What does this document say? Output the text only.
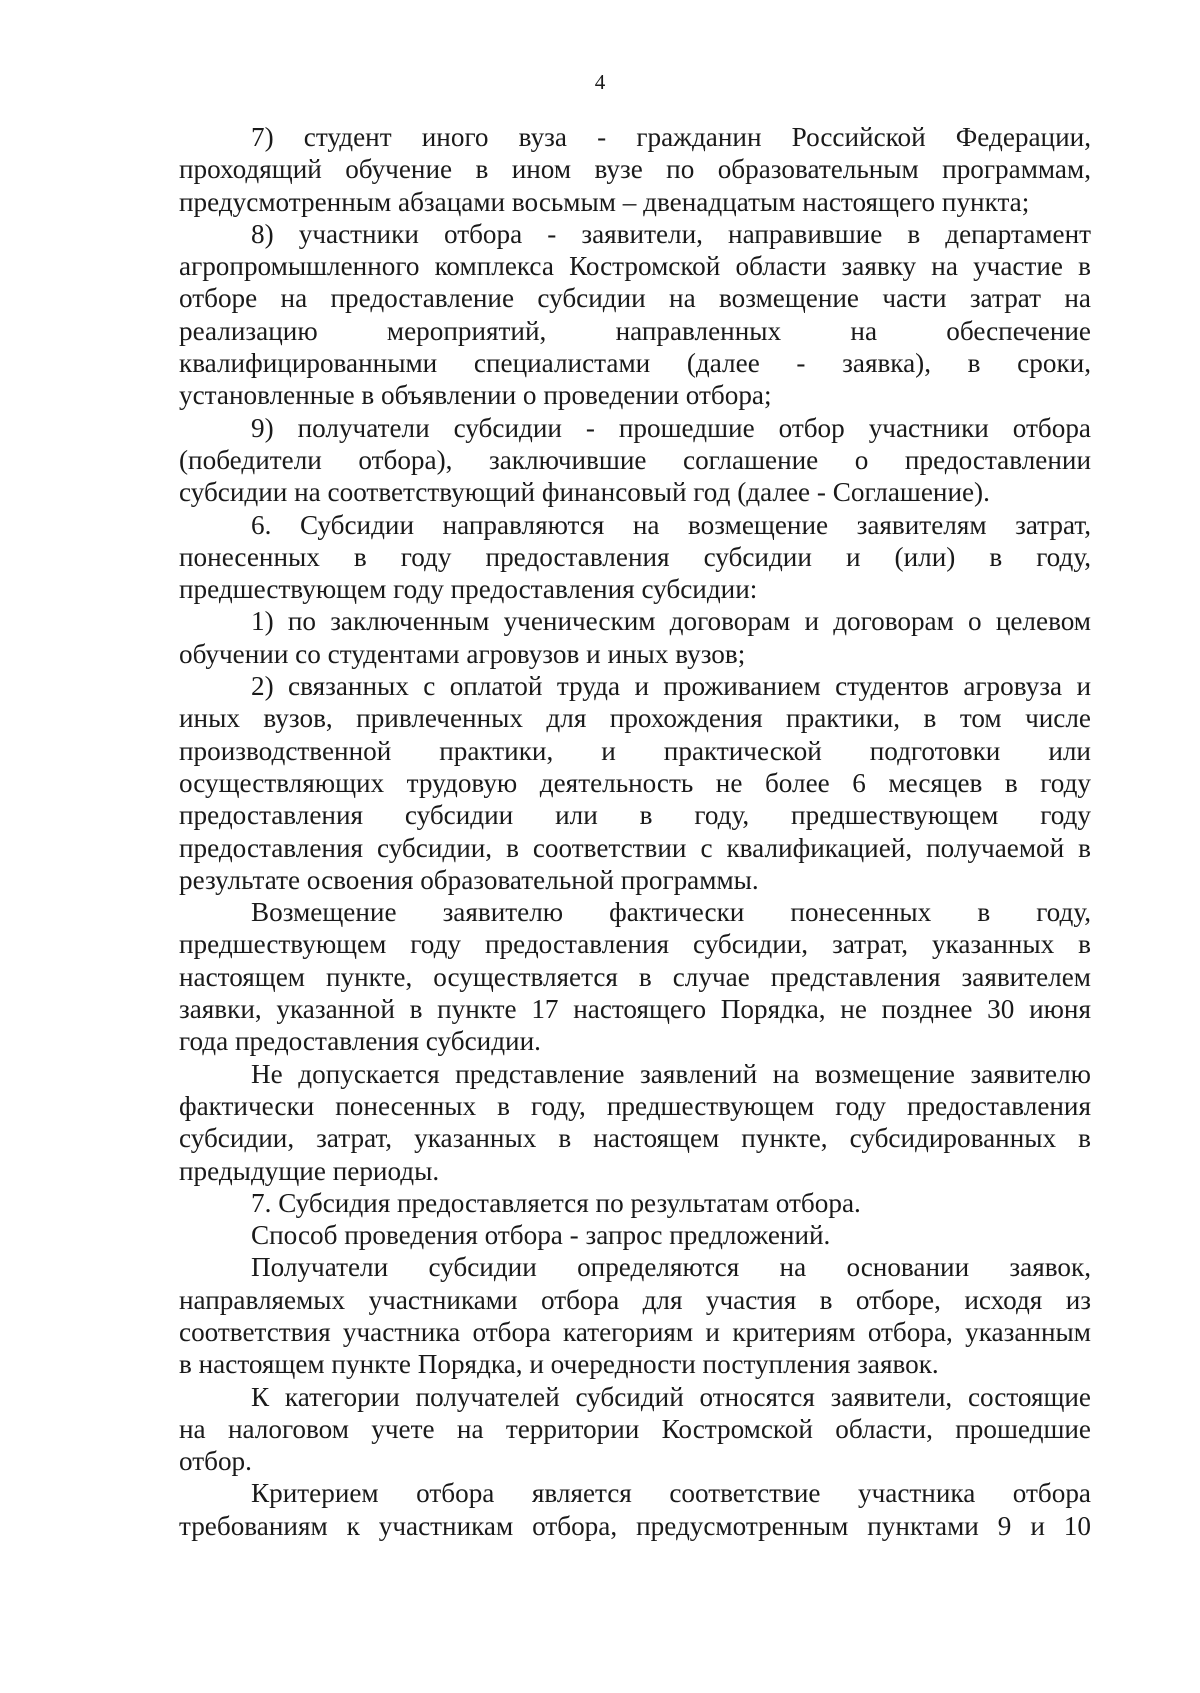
4
7) студент иного вуза - гражданин Российской Федерации,
проходящий обучение в ином вузе по образовательным программам,
предусмотренным абзацами восьмым – двенадцатым настоящего пункта;
8) участники отбора - заявители, направившие в департамент
агропромышленного комплекса Костромской области заявку на участие в
отборе на предоставление субсидии на возмещение части затрат на
реализацию мероприятий, направленных на обеспечение
квалифицированными специалистами (далее - заявка), в сроки,
установленные в объявлении о проведении отбора;
9) получатели субсидии - прошедшие отбор участники отбора
(победители отбора), заключившие соглашение о предоставлении
субсидии на соответствующий финансовый год (далее - Соглашение).
6. Субсидии направляются на возмещение заявителям затрат,
понесенных в году предоставления субсидии и (или) в году,
предшествующем году предоставления субсидии:
1) по заключенным ученическим договорам и договорам о целевом
обучении со студентами агровузов и иных вузов;
2) связанных с оплатой труда и проживанием студентов агровуза и
иных вузов, привлеченных для прохождения практики, в том числе
производственной практики, и практической подготовки или
осуществляющих трудовую деятельность не более 6 месяцев в году
предоставления субсидии или в году, предшествующем году
предоставления субсидии, в соответствии с квалификацией, получаемой в
результате освоения образовательной программы.
Возмещение заявителю фактически понесенных в году,
предшествующем году предоставления субсидии, затрат, указанных в
настоящем пункте, осуществляется в случае представления заявителем
заявки, указанной в пункте 17 настоящего Порядка, не позднее 30 июня
года предоставления субсидии.
Не допускается представление заявлений на возмещение заявителю
фактически понесенных в году, предшествующем году предоставления
субсидии, затрат, указанных в настоящем пункте, субсидированных в
предыдущие периоды.
7. Субсидия предоставляется по результатам отбора.
Способ проведения отбора - запрос предложений.
Получатели субсидии определяются на основании заявок,
направляемых участниками отбора для участия в отборе, исходя из
соответствия участника отбора категориям и критериям отбора, указанным
в настоящем пункте Порядка, и очередности поступления заявок.
К категории получателей субсидий относятся заявители, состоящие
на налоговом учете на территории Костромской области, прошедшие
отбор.
Критерием отбора является соответствие участника отбора
требованиям к участникам отбора, предусмотренным пунктами 9 и 10
